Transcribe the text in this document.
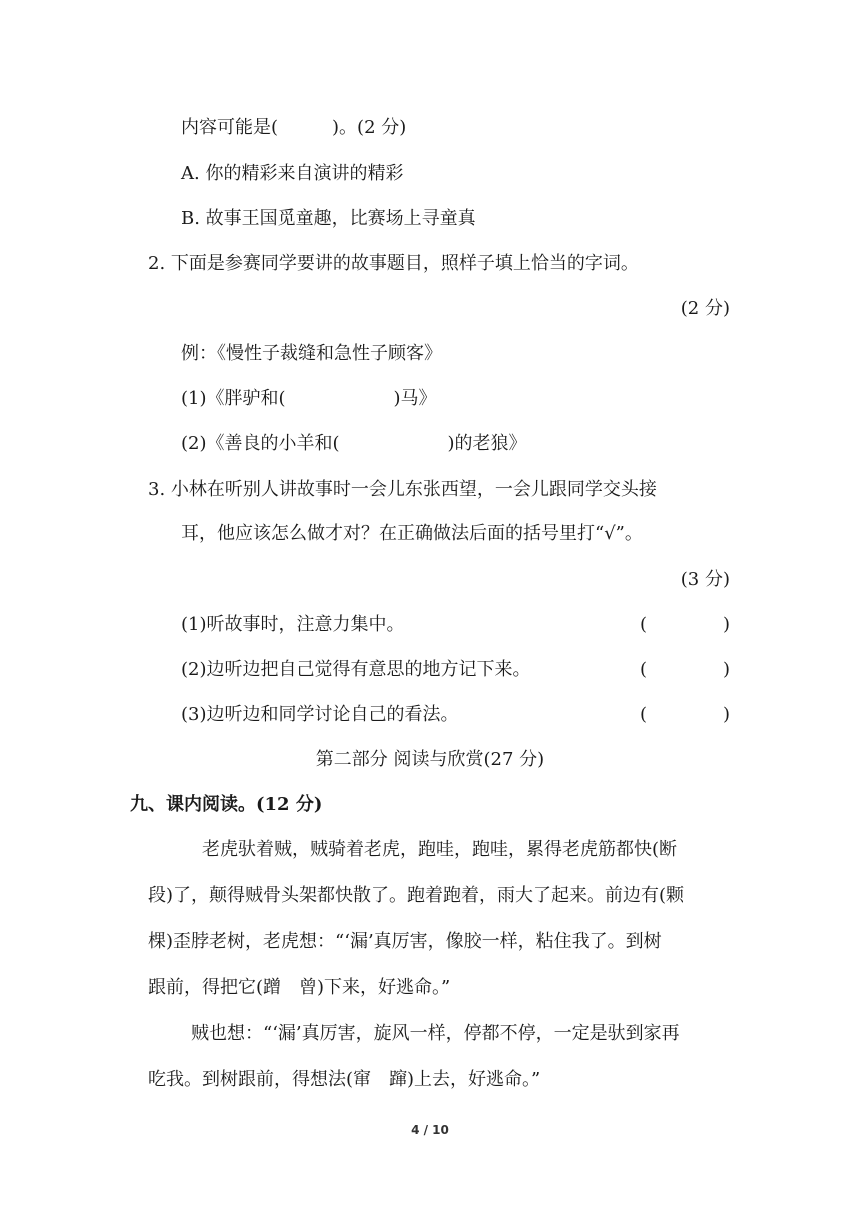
内容可能是(　　　)。(2 分)
A. 你的精彩来自演讲的精彩
B. 故事王国觅童趣，比赛场上寻童真
2. 下面是参赛同学要讲的故事题目，照样子填上恰当的字词。
(2 分)
例：《慢性子裁缝和急性子顾客》
(1)《胖驴和(　　　　　　)马》
(2)《善良的小羊和(　　　　　　)的老狼》
3. 小林在听别人讲故事时一会儿东张西望，一会儿跟同学交头接
耳，他应该怎么做才对？在正确做法后面的括号里打“√”。
(3 分)
(1)听故事时，注意力集中。	(	)
(2)边听边把自己觉得有意思的地方记下来。	(	)
(3)边听边和同学讨论自己的看法。	(	)
第二部分 阅读与欣赏(27 分)
九、课内阅读。(12 分)
老虎驮着贼，贼骑着老虎，跑哇，跑哇，累得老虎筋都快(断
段)了，颠得贼骨头架都快散了。跑着跑着，雨大了起来。前边有(颗
棵)歪脖老树，老虎想：“‘漏’真厉害，像胶一样，粘住我了。到树
跟前，得把它(蹭　曾)下来，好逃命。”
贼也想：“‘漏’真厉害，旋风一样，停都不停，一定是驮到家再
吃我。到树跟前，得想法(窜　蹿)上去，好逃命。”
4 / 10
